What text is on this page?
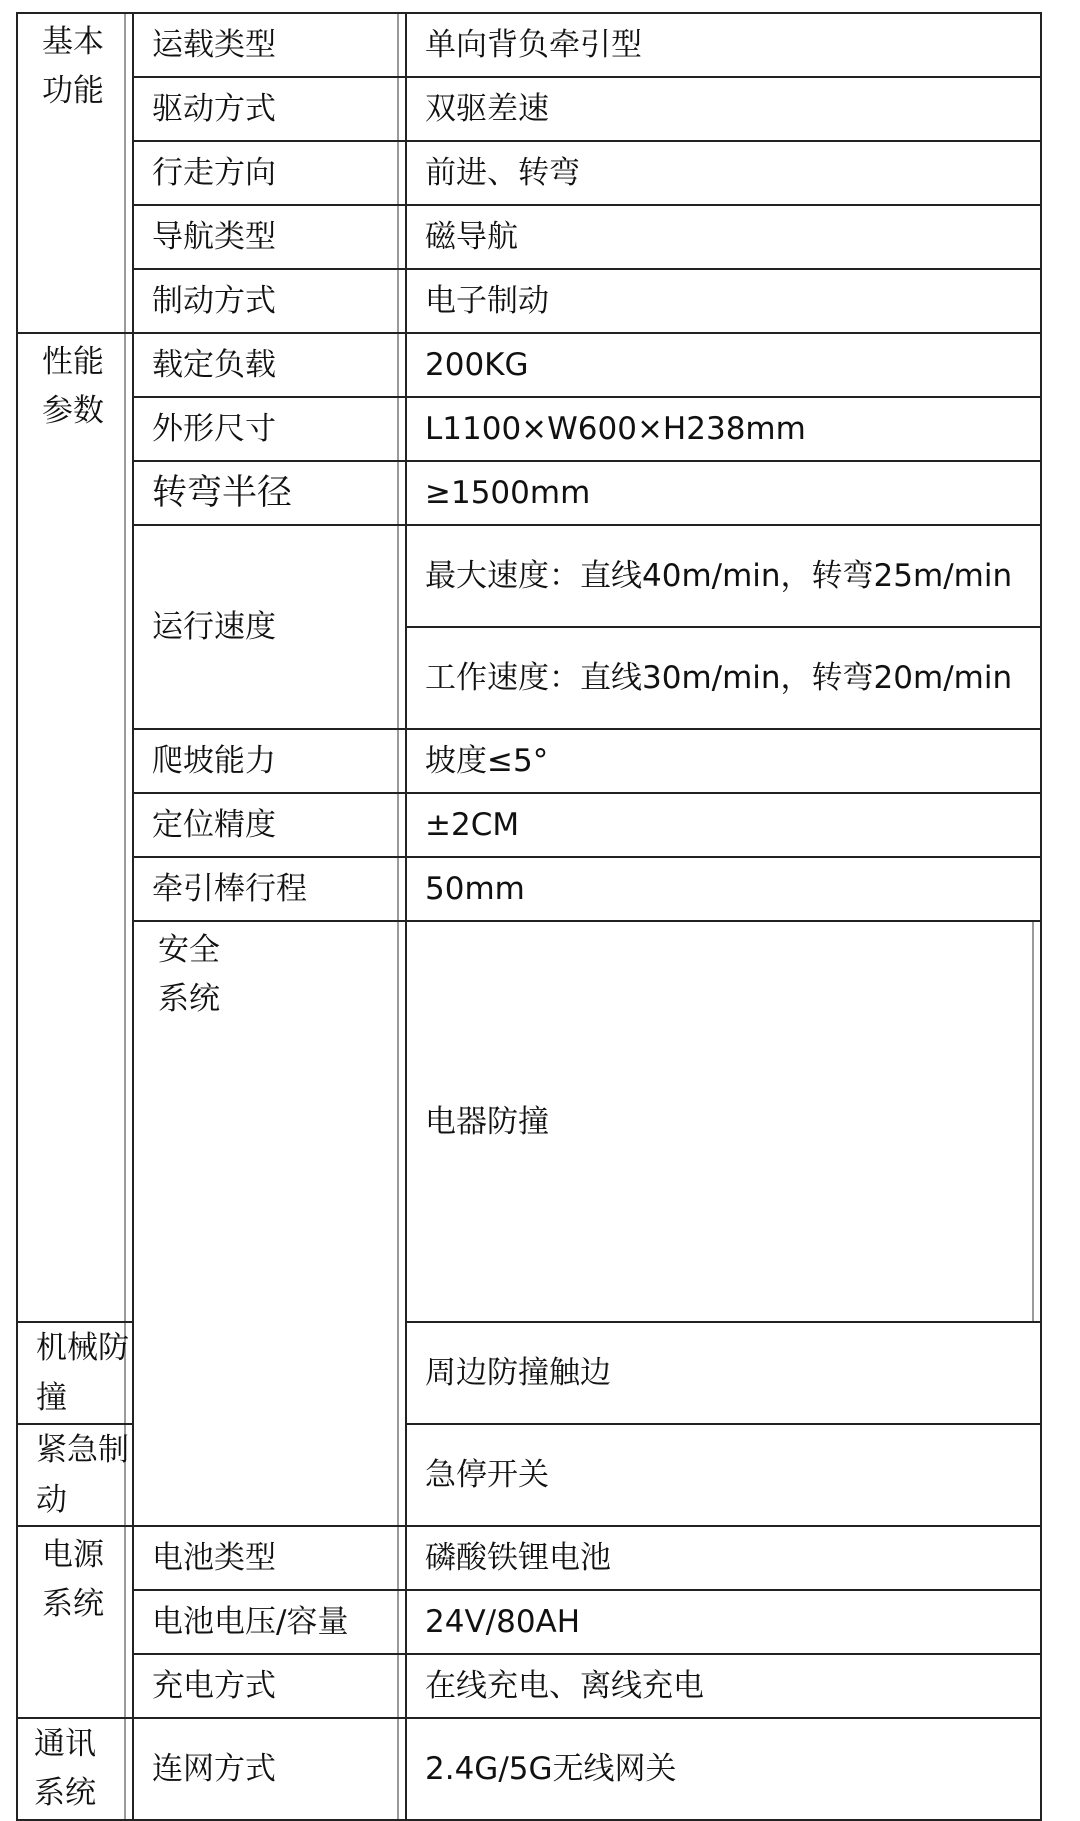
基本
功能	运载类型	单向背负牵引型	
	驱动方式	双驱差速	
	行走方向	前进、转弯	
	导航类型	磁导航	
	制动方式	电子制动	

性能
参数	载定负载	200KG	
	外形尺寸	L1100×W600×H238mm	
	转弯半径	≥1500mm	
	运行速度	最大速度：直线40m/min，转弯25m/min	
		工作速度：直线30m/min，转弯20m/min	
	爬坡能力	坡度≤5°	
	定位精度	±2CM	
	牵引棒行程	50mm	

	安全
系统	电器防撞	
机械防撞		周边防撞触边	
紧急制动		急停开关	

电源
系统	电池类型	磷酸铁锂电池	
	电池电压/容量	24V/80AH	
	充电方式	在线充电、离线充电	

通讯
系统	连网方式	2.4G/5G无线网关	
